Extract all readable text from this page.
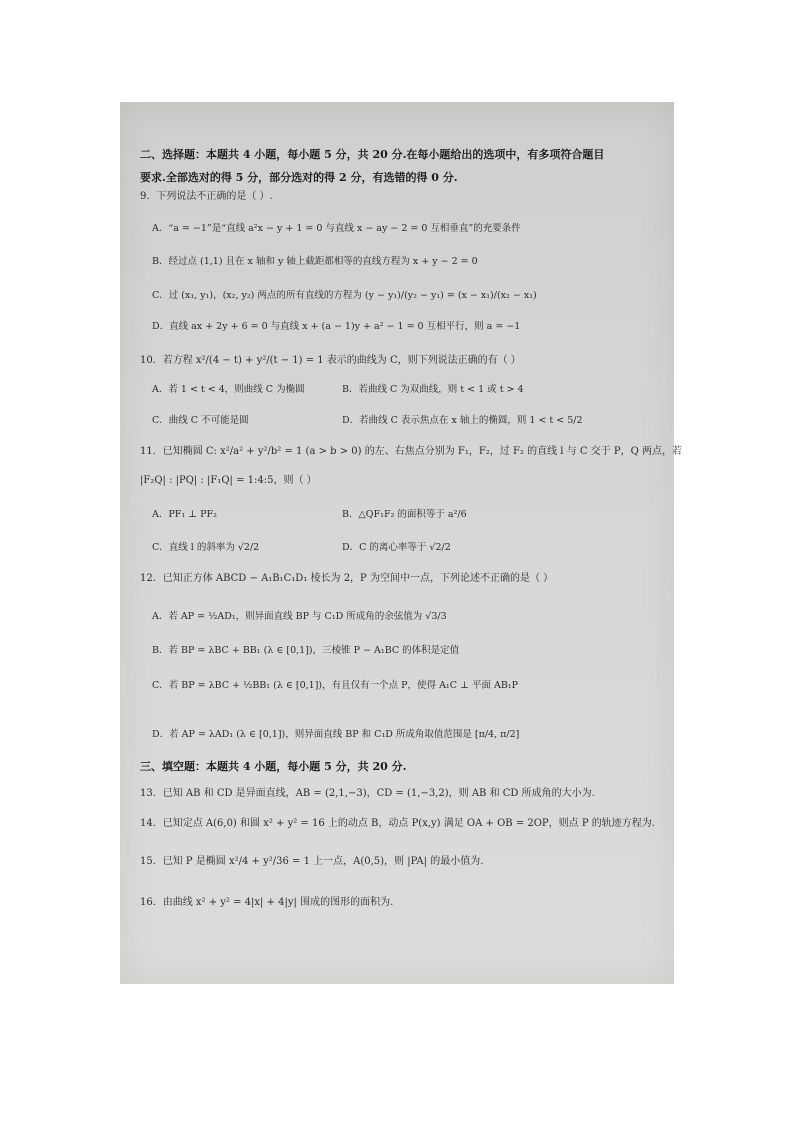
二、选择题：本题共 4 小题，每小题 5 分，共 20 分.在每小题给出的选项中，有多项符合题目
要求.全部选对的得 5 分，部分选对的得 2 分，有选错的得 0 分.
9．下列说法不正确的是（ ）.
A．“a = −1”是“直线 a²x − y + 1 = 0 与直线 x − ay − 2 = 0 互相垂直”的充要条件
B．经过点 (1,1) 且在 x 轴和 y 轴上截距都相等的直线方程为 x + y − 2 = 0
C．过 (x₁, y₁)，(x₂, y₂) 两点的所有直线的方程为 (y − y₁)/(y₂ − y₁) = (x − x₁)/(x₂ − x₁)
D．直线 ax + 2y + 6 = 0 与直线 x + (a − 1)y + a² − 1 = 0 互相平行，则 a = −1
10．若方程 x²/(4 − t) + y²/(t − 1) = 1 表示的曲线为 C，则下列说法正确的有（ ）
A．若 1 < t < 4，则曲线 C 为椭圆	B．若曲线 C 为双曲线，则 t < 1 或 t > 4
C．曲线 C 不可能是圆	D．若曲线 C 表示焦点在 x 轴上的椭圆，则 1 < t < 5/2
11．已知椭圆 C: x²/a² + y²/b² = 1 (a > b > 0) 的左、右焦点分别为 F₁，F₂，过 F₂ 的直线 l 与 C 交于 P，Q 两点，若
|F₂Q| : |PQ| : |F₁Q| = 1:4:5，则（ ）
A．PF₁ ⊥ PF₂	B．△QF₁F₂ 的面积等于 a²/6
C．直线 l 的斜率为 √2/2	D．C 的离心率等于 √2/2
12．已知正方体 ABCD − A₁B₁C₁D₁ 棱长为 2，P 为空间中一点，下列论述不正确的是（ ）
A．若 AP = ½AD₁，则异面直线 BP 与 C₁D 所成角的余弦值为 √3/3
B．若 BP = λBC + BB₁ (λ ∈ [0,1])，三棱锥 P − A₁BC 的体积是定值
C．若 BP = λBC + ½BB₁ (λ ∈ [0,1])，有且仅有一个点 P，使得 A₁C ⊥ 平面 AB₁P
D．若 AP = λAD₁ (λ ∈ [0,1])，则异面直线 BP 和 C₁D 所成角取值范围是 [π/4, π/2]
三、填空题：本题共 4 小题，每小题 5 分，共 20 分.
13．已知 AB 和 CD 是异面直线，AB = (2,1,−3)，CD = (1,−3,2)，则 AB 和 CD 所成角的大小为.
14．已知定点 A(6,0) 和圆 x² + y² = 16 上的动点 B，动点 P(x,y) 满足 OA + OB = 2OP，则点 P 的轨迹方程为.
15．已知 P 是椭圆 x²/4 + y²/36 = 1 上一点，A(0,5)，则 |PA| 的最小值为.
16．由曲线 x² + y² = 4|x| + 4|y| 围成的图形的面积为.
